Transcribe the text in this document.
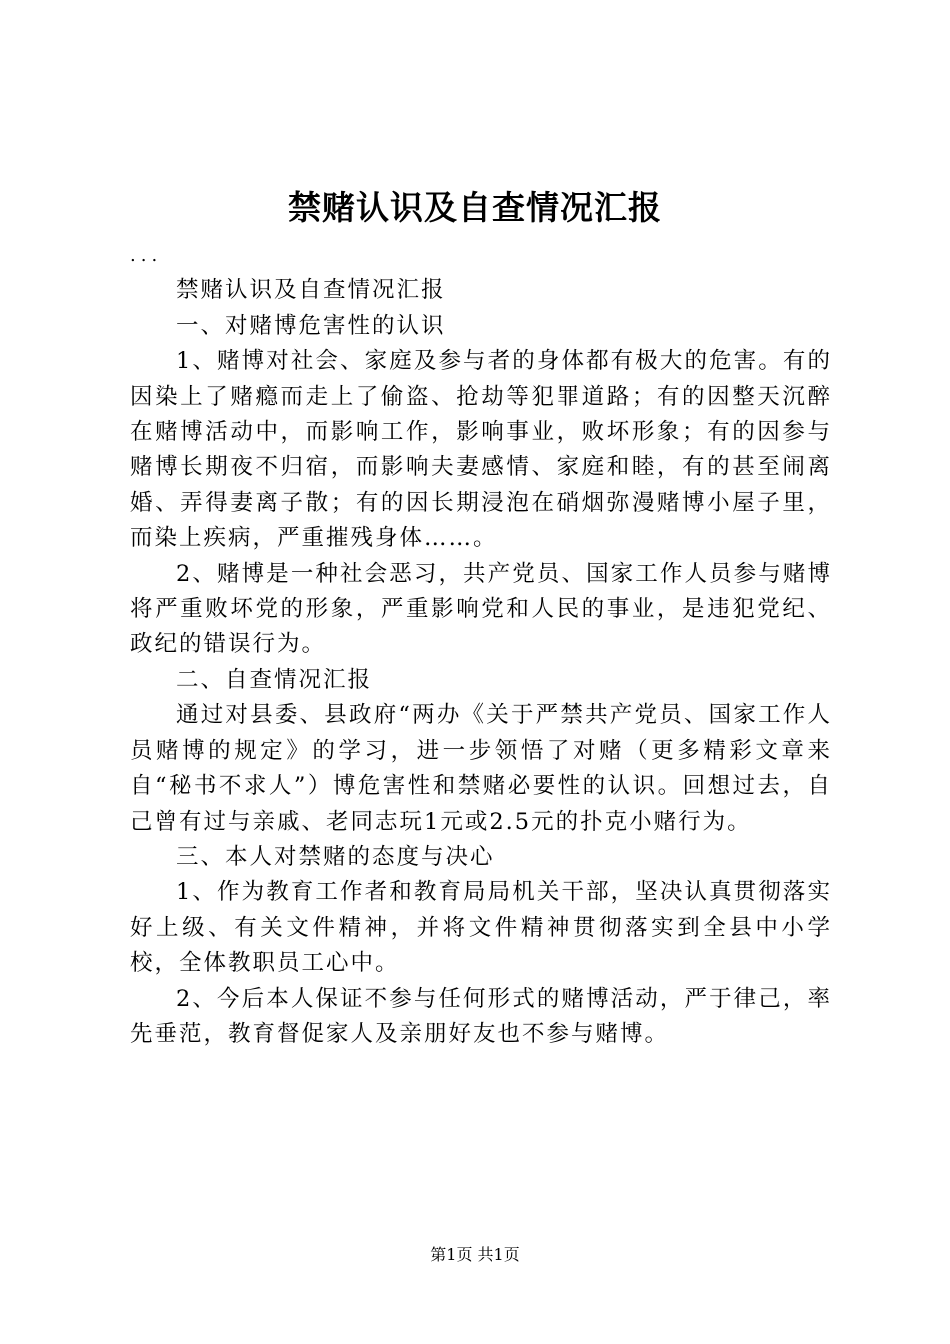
禁赌认识及自查情况汇报

...

禁赌认识及自查情况汇报

一、对赌博危害性的认识

1、赌博对社会、家庭及参与者的身体都有极大的危害。有的因染上了赌瘾而走上了偷盗、抢劫等犯罪道路；有的因整天沉醉在赌博活动中，而影响工作，影响事业，败坏形象；有的因参与赌博长期夜不归宿，而影响夫妻感情、家庭和睦，有的甚至闹离婚、弄得妻离子散；有的因长期浸泡在硝烟弥漫赌博小屋子里，而染上疾病，严重摧残身体……。

2、赌博是一种社会恶习，共产党员、国家工作人员参与赌博将严重败坏党的形象，严重影响党和人民的事业，是违犯党纪、政纪的错误行为。

二、自查情况汇报

通过对县委、县政府“两办《关于严禁共产党员、国家工作人员赌博的规定》的学习，进一步领悟了对赌（更多精彩文章来自“秘书不求人”）博危害性和禁赌必要性的认识。回想过去，自己曾有过与亲戚、老同志玩1元或2.5元的扑克小赌行为。

三、本人对禁赌的态度与决心

1、作为教育工作者和教育局局机关干部，坚决认真贯彻落实好上级、有关文件精神，并将文件精神贯彻落实到全县中小学校，全体教职员工心中。

2、今后本人保证不参与任何形式的赌博活动，严于律己，率先垂范，教育督促家人及亲朋好友也不参与赌博。

第1页 共1页
